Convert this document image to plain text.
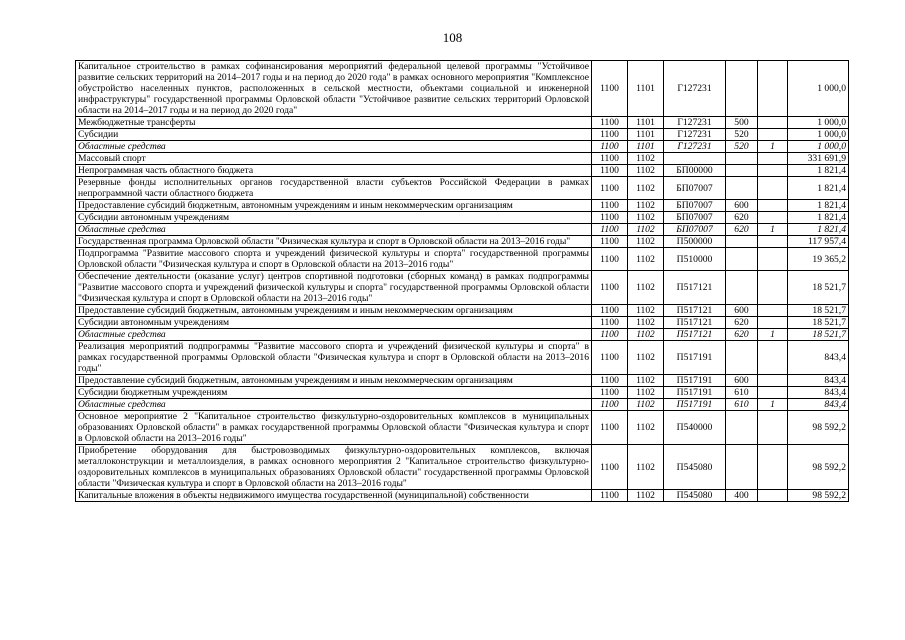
108
Капитальное строительство в рамках софинансирования мероприятий федеральной целевой программы "Устойчивое развитие сельских территорий на 2014–2017 годы и на период до 2020 года" в рамках основного мероприятия "Комплексное обустройство населенных пунктов, расположенных в сельской местности, объектами социальной и инженерной инфраструктуры" государственной программы Орловской области "Устойчивое развитие сельских территорий Орловской области на 2014–2017 годы и на период до 2020 года"	1100	1101	Г127231			1 000,0
Межбюджетные трансферты	1100	1101	Г127231	500		1 000,0
Субсидии	1100	1101	Г127231	520		1 000,0
Областные средства	1100	1101	Г127231	520	1	1 000,0
Массовый спорт	1100	1102				331 691,9
Непрограммная часть областного бюджета	1100	1102	БП00000			1 821,4
Резервные фонды исполнительных органов государственной власти субъектов Российской Федерации в рамках непрограммной части областного бюджета	1100	1102	БП07007			1 821,4
Предоставление субсидий бюджетным, автономным учреждениям и иным некоммерческим организациям	1100	1102	БП07007	600		1 821,4
Субсидии автономным учреждениям	1100	1102	БП07007	620		1 821,4
Областные средства	1100	1102	БП07007	620	1	1 821,4
Государственная программа Орловской области "Физическая культура и спорт в Орловской области на 2013–2016 годы"	1100	1102	П500000			117 957,4
Подпрограмма "Развитие массового спорта и учреждений физической культуры и спорта" государственной программы Орловской области "Физическая культура и спорт в Орловской области на 2013–2016 годы"	1100	1102	П510000			19 365,2
Обеспечение деятельности (оказание услуг) центров спортивной подготовки (сборных команд) в рамках подпрограммы "Развитие массового спорта и учреждений физической культуры и спорта" государственной программы Орловской области "Физическая культура и спорт в Орловской области на 2013–2016 годы"	1100	1102	П517121			18 521,7
Предоставление субсидий бюджетным, автономным учреждениям и иным некоммерческим организациям	1100	1102	П517121	600		18 521,7
Субсидии автономным учреждениям	1100	1102	П517121	620		18 521,7
Областные средства	1100	1102	П517121	620	1	18 521,7
Реализация мероприятий подпрограммы "Развитие массового спорта и учреждений физической культуры и спорта" в рамках государственной программы Орловской области "Физическая культура и спорт в Орловской области на 2013–2016 годы"	1100	1102	П517191			843,4
Предоставление субсидий бюджетным, автономным учреждениям и иным некоммерческим организациям	1100	1102	П517191	600		843,4
Субсидии бюджетным учреждениям	1100	1102	П517191	610		843,4
Областные средства	1100	1102	П517191	610	1	843,4
Основное мероприятие 2 "Капитальное строительство физкультурно-оздоровительных комплексов в муниципальных образованиях Орловской области" в рамках государственной программы Орловской области "Физическая культура и спорт в Орловской области на 2013–2016 годы"	1100	1102	П540000			98 592,2
Приобретение оборудования для быстровозводимых физкультурно-оздоровительных комплексов, включая металлоконструкции и металлоизделия, в рамках основного мероприятия 2 "Капитальное строительство физкультурно-оздоровительных комплексов в муниципальных образованиях Орловской области" государственной программы Орловской области "Физическая культура и спорт в Орловской области на 2013–2016 годы"	1100	1102	П545080			98 592,2
Капитальные вложения в объекты недвижимого имущества государственной (муниципальной) собственности	1100	1102	П545080	400		98 592,2
